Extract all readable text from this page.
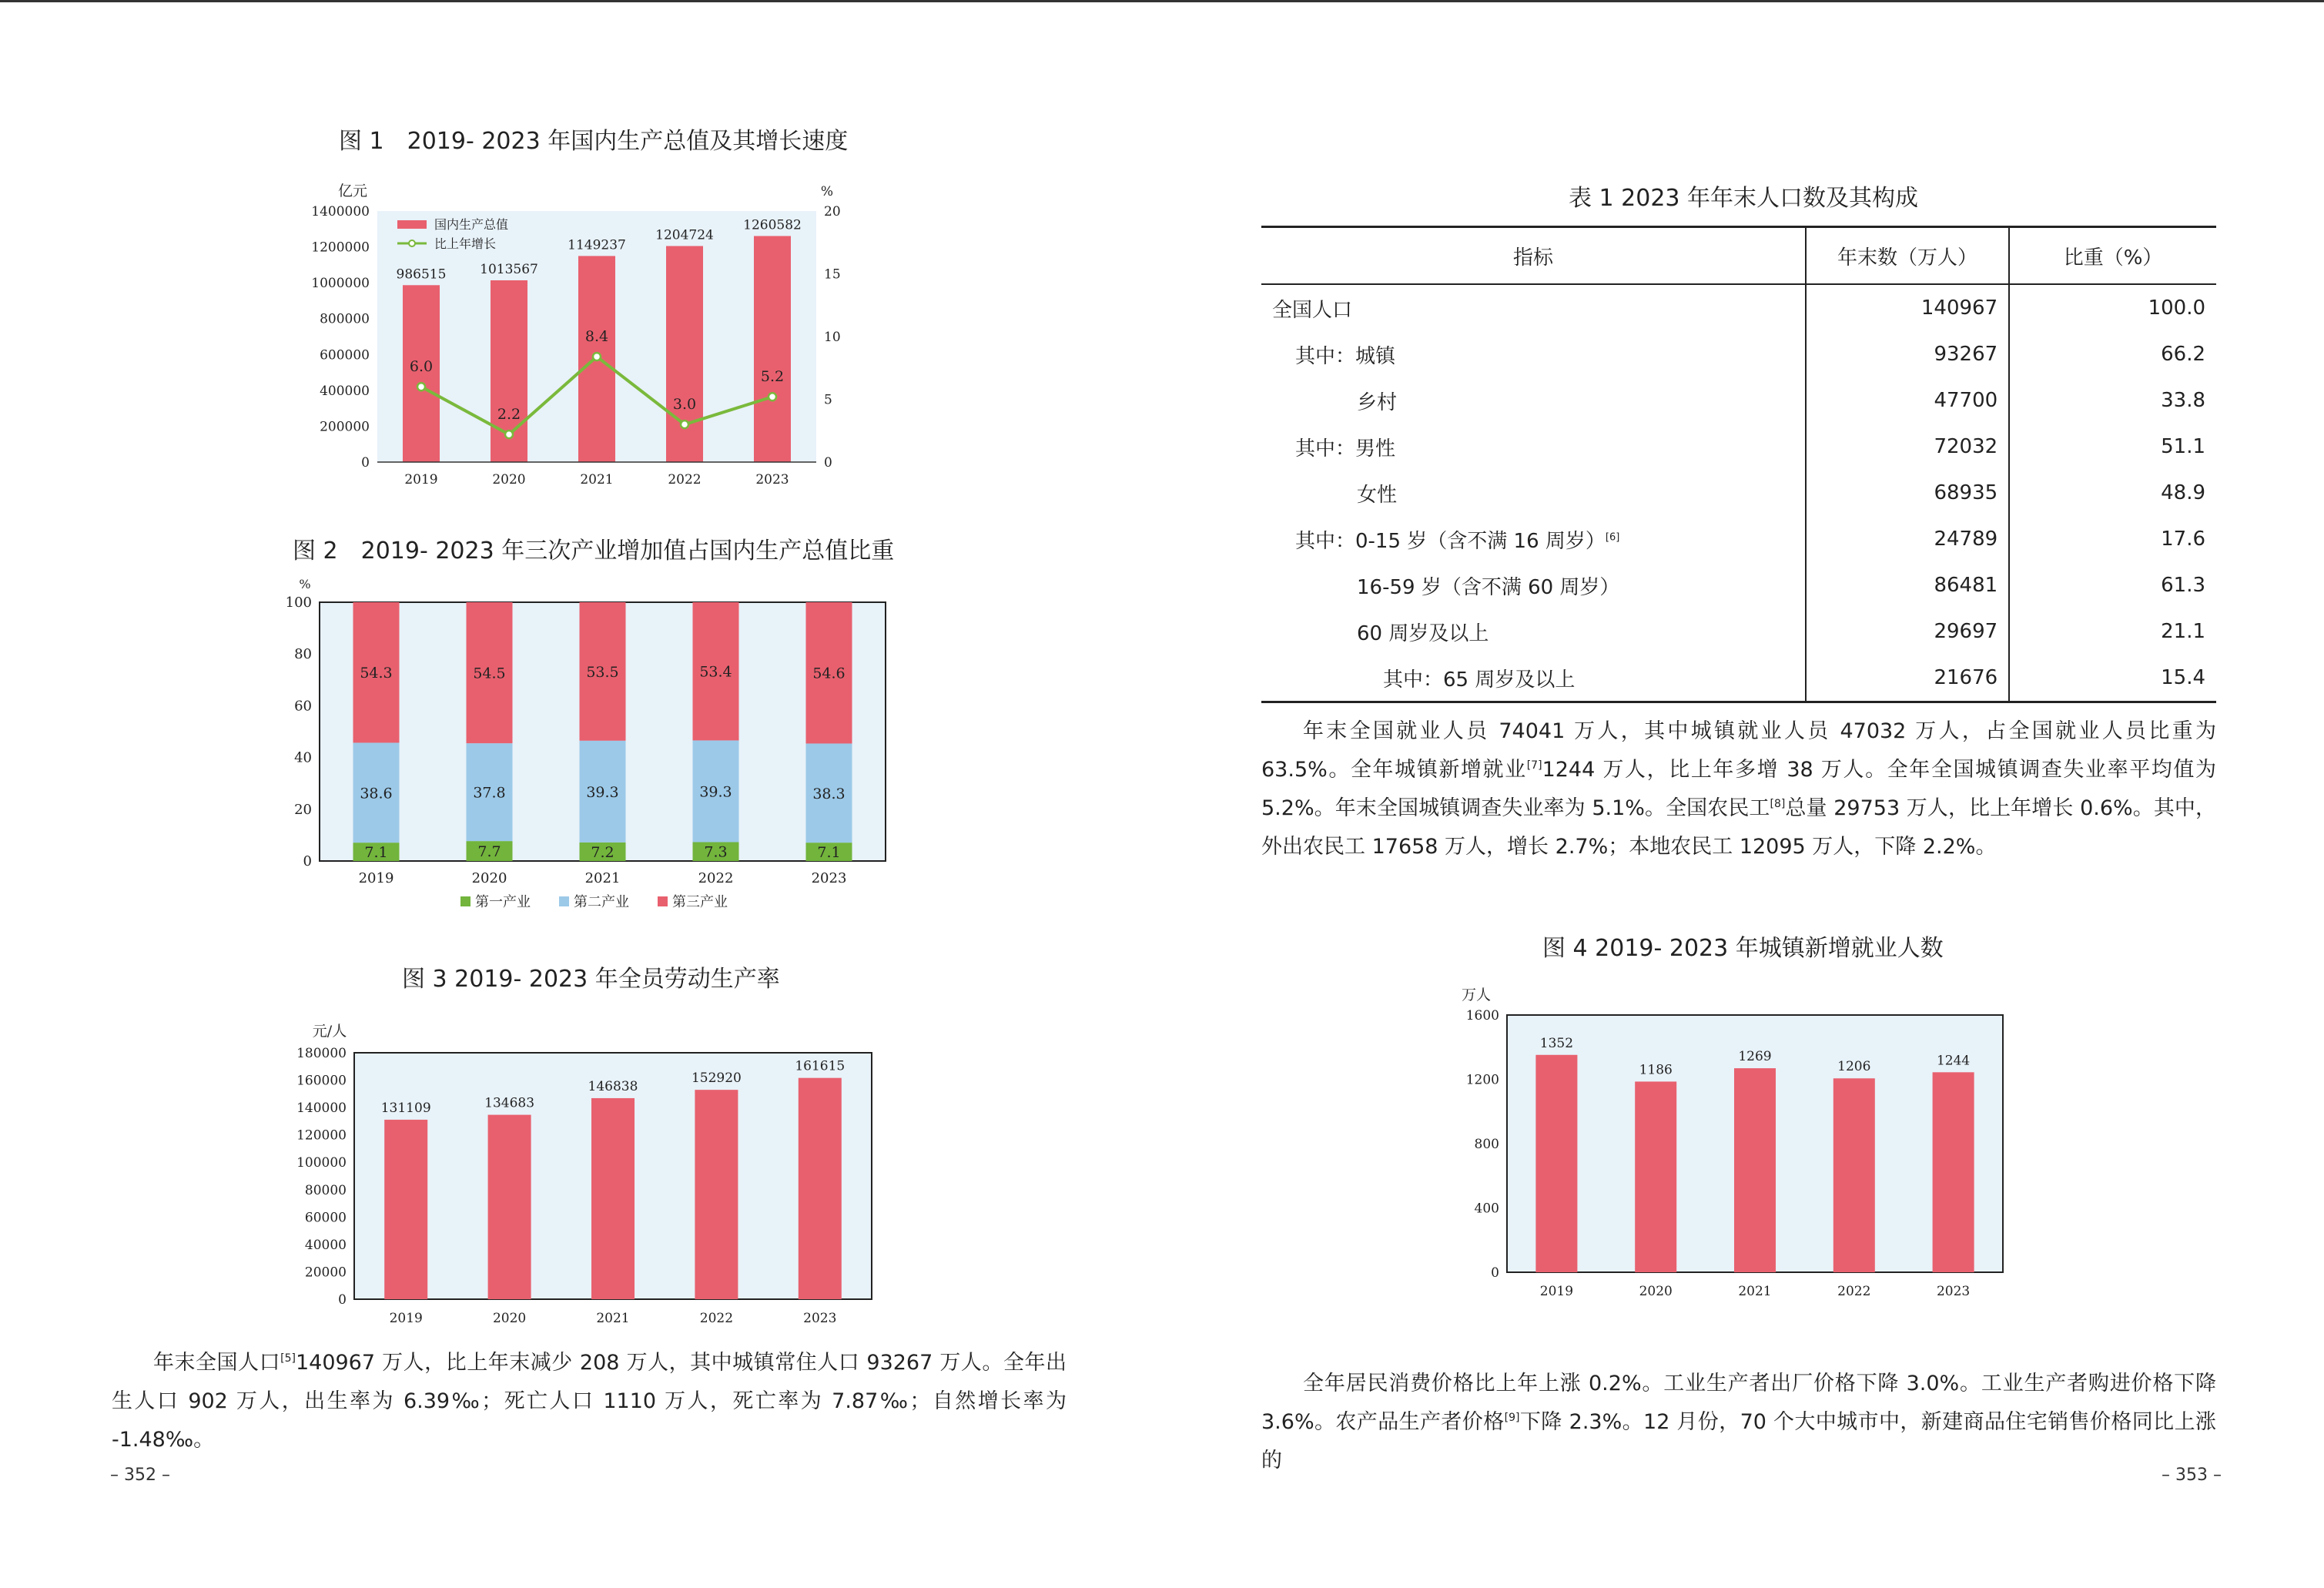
图 1　2019- 2023 年国内生产总值及其增长速度
亿元	%
0
200000
400000
600000
800000
1000000
1200000
1400000
0
5
10
15
20
986515
2019
1013567
2020
1149237
2021
1204724
2022
1260582
2023
6.0
2.2
8.4
3.0
5.2
国内生产总值
比上年增长
图 2　2019- 2023 年三次产业增加值占国内生产总值比重
%
0
20
40
60
80
100
7.1
38.6
54.3
2019
7.7
37.8
54.5
2020
7.2
39.3
53.5
2021
7.3
39.3
53.4
2022
7.1
38.3
54.6
2023
第一产业	第二产业	第三产业
图 3 2019- 2023 年全员劳动生产率
元/人
0
20000
40000
60000
80000
100000
120000
140000
160000
180000
131109
2019
134683
2020
146838
2021
152920
2022
161615
2023
年末全国人口[5]140967 万人，比上年末减少 208 万人，其中城镇常住人口 93267 万人。全年出生人口 902 万人，出生率为 6.39‰；死亡人口 1110 万人，死亡率为 7.87‰；自然增长率为 -1.48‰。
– 352 –
表 1 2023 年年末人口数及其构成
指标	年末数（万人）	比重（%）
全国人口	140967	100.0
其中：城镇	93267	66.2
乡村	47700	33.8
其中：男性	72032	51.1
女性	68935	48.9
其中：0-15 岁（含不满 16 周岁）[6]	24789	17.6
16-59 岁（含不满 60 周岁）	86481	61.3
60 周岁及以上	29697	21.1
其中：65 周岁及以上	21676	15.4
年末全国就业人员 74041 万人，其中城镇就业人员 47032 万人，占全国就业人员比重为 63.5%。全年城镇新增就业[7]1244 万人，比上年多增 38 万人。全年全国城镇调查失业率平均值为 5.2%。年末全国城镇调查失业率为 5.1%。全国农民工[8]总量 29753 万人，比上年增长 0.6%。其中，外出农民工 17658 万人，增长 2.7%；本地农民工 12095 万人，下降 2.2%。
图 4 2019- 2023 年城镇新增就业人数
万人
0
400
800
1200
1600
1352
2019
1186
2020
1269
2021
1206
2022
1244
2023
全年居民消费价格比上年上涨 0.2%。工业生产者出厂价格下降 3.0%。工业生产者购进价格下降 3.6%。农产品生产者价格[9]下降 2.3%。12 月份，70 个大中城市中，新建商品住宅销售价格同比上涨的
– 353 –
